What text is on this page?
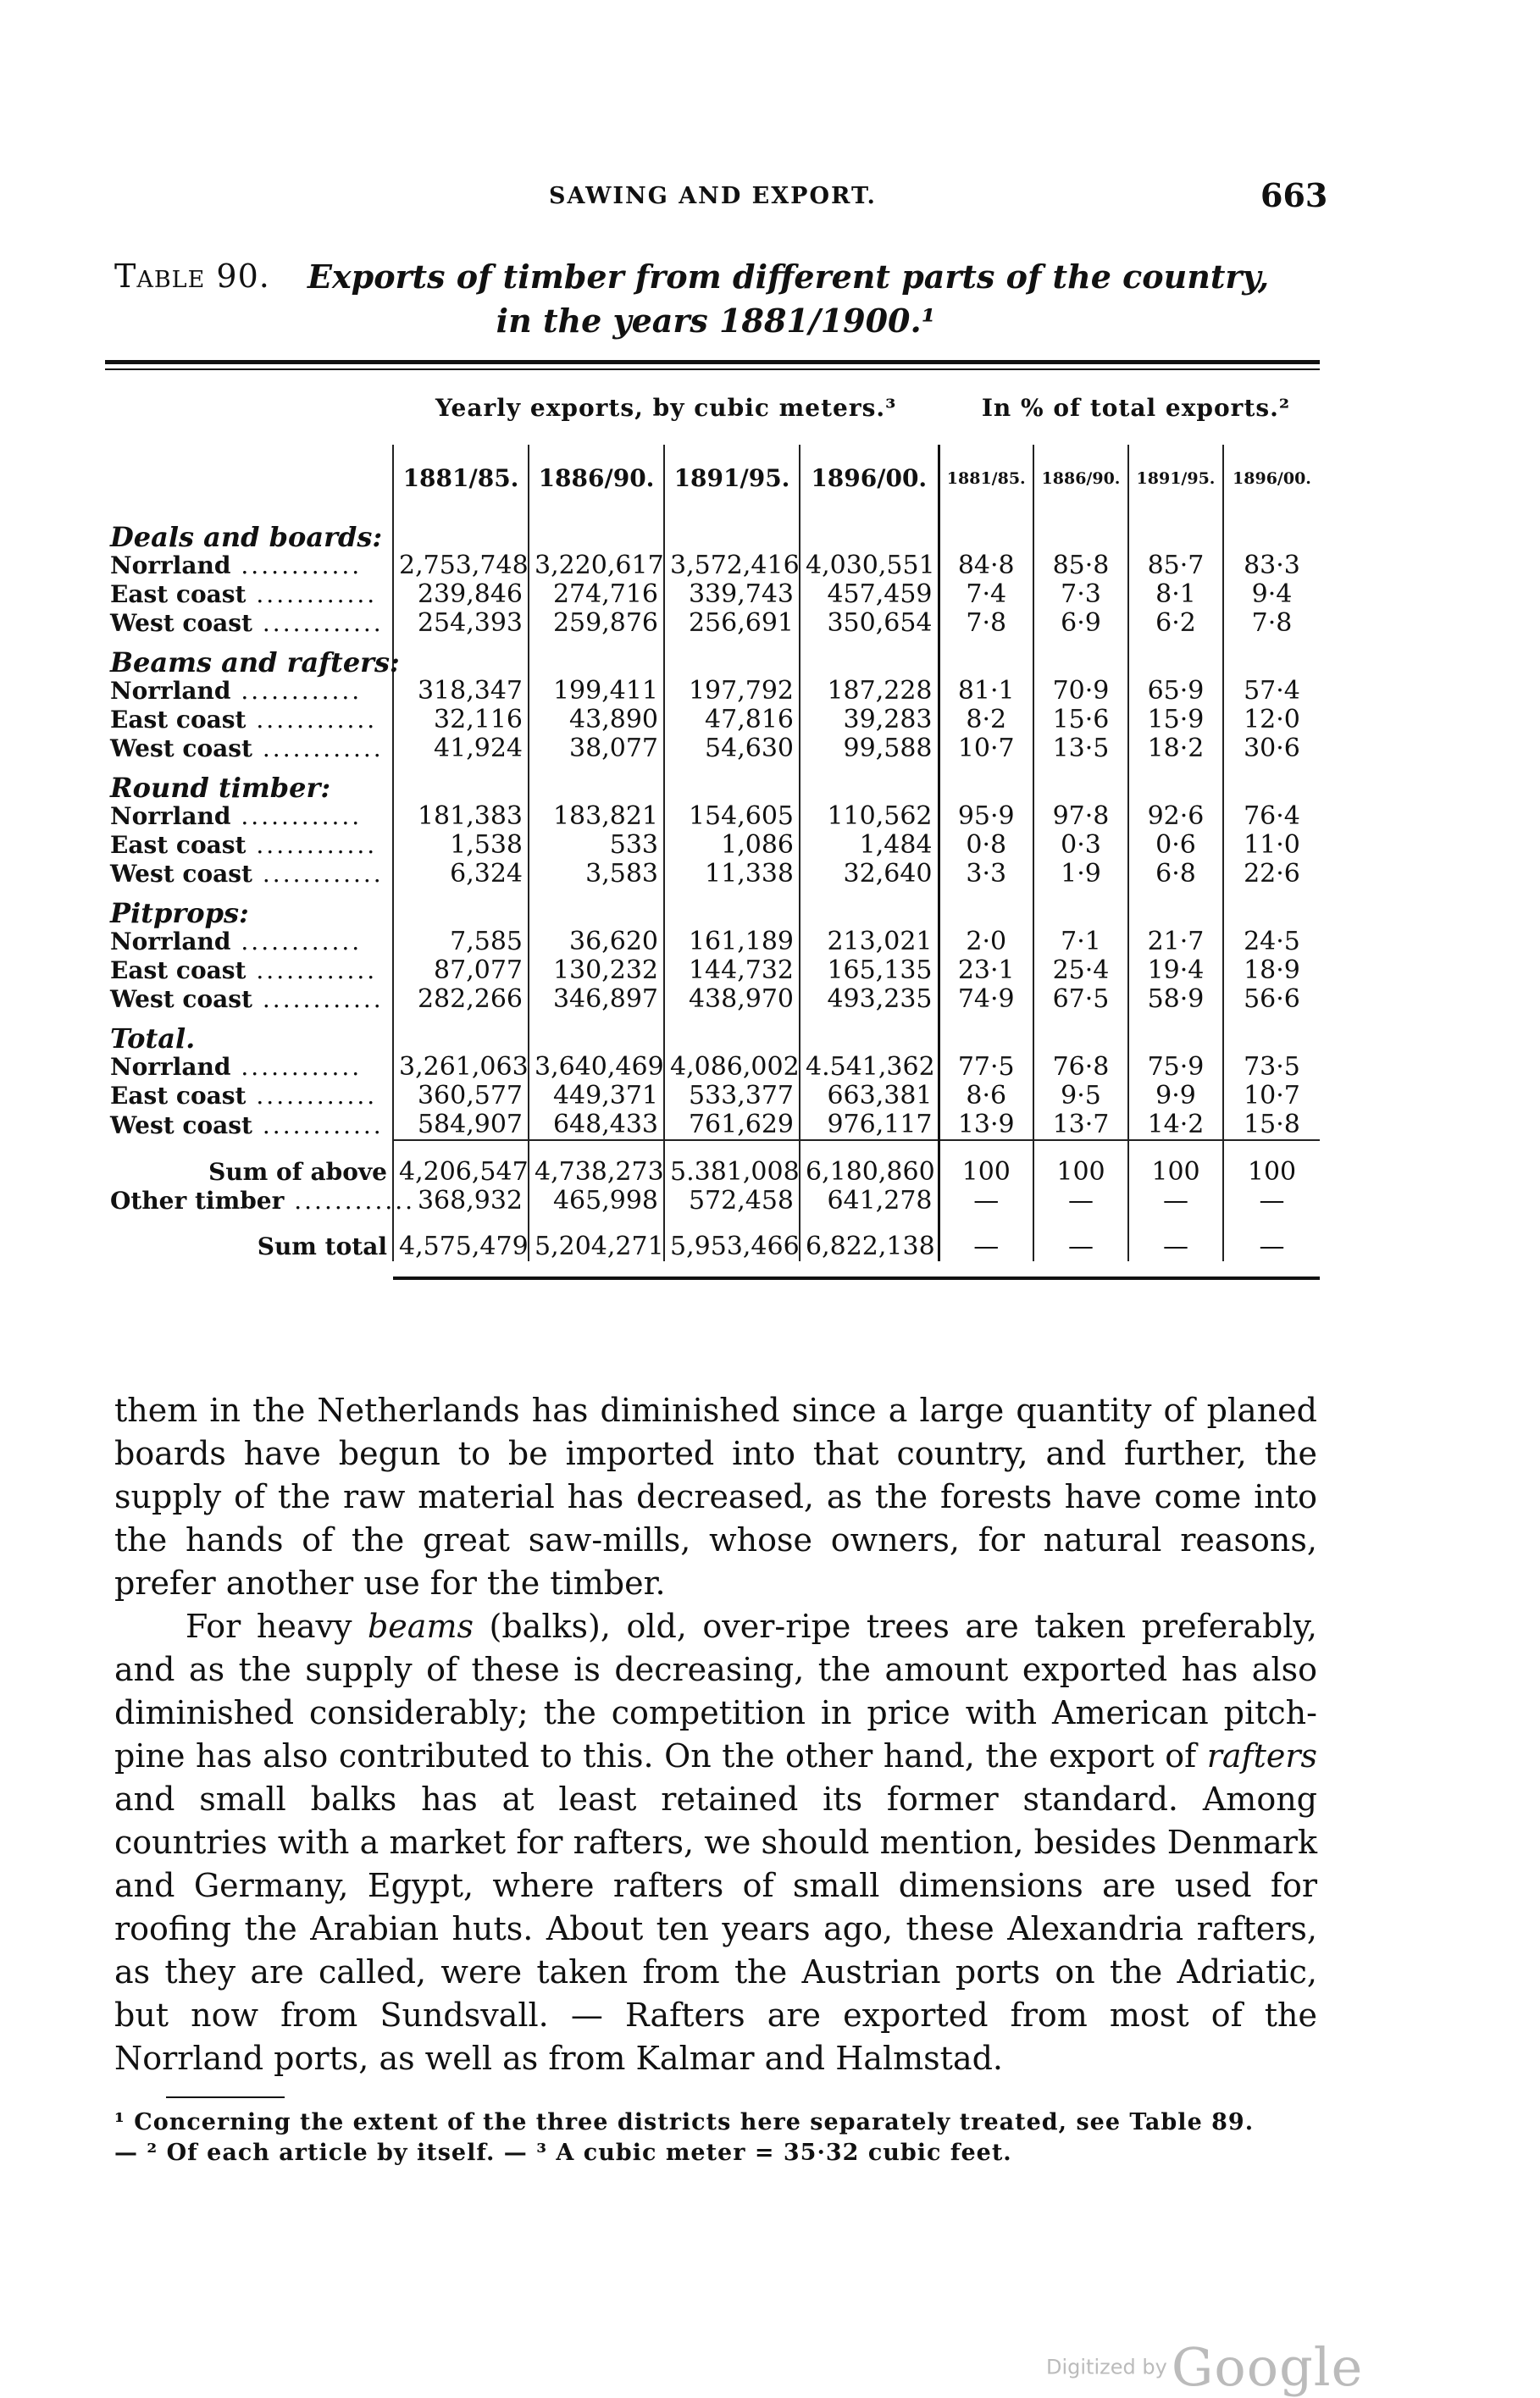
SAWING AND EXPORT.	663
Table 90. Exports of timber from different parts of the country,
in the years 1881/1900.¹
Yearly exports, by cubic meters.³	In % of total exports.²
	1881/85.	1886/90.	1891/95.	1896/00.	1881/85.	1886/90.	1891/95.	1896/00.
Deals and boards:								
Norrland ............	2,753,748	3,220,617	3,572,416	4,030,551	84·8	85·8	85·7	83·3
East coast ............	239,846	274,716	339,743	457,459	7·4	7·3	8·1	9·4
West coast ............	254,393	259,876	256,691	350,654	7·8	6·9	6·2	7·8
Beams and rafters:								
Norrland ............	318,347	199,411	197,792	187,228	81·1	70·9	65·9	57·4
East coast ............	32,116	43,890	47,816	39,283	8·2	15·6	15·9	12·0
West coast ............	41,924	38,077	54,630	99,588	10·7	13·5	18·2	30·6
Round timber:								
Norrland ............	181,383	183,821	154,605	110,562	95·9	97·8	92·6	76·4
East coast ............	1,538	533	1,086	1,484	0·8	0·3	0·6	11·0
West coast ............	6,324	3,583	11,338	32,640	3·3	1·9	6·8	22·6
Pitprops:								
Norrland ............	7,585	36,620	161,189	213,021	2·0	7·1	21·7	24·5
East coast ............	87,077	130,232	144,732	165,135	23·1	25·4	19·4	18·9
West coast ............	282,266	346,897	438,970	493,235	74·9	67·5	58·9	56·6
Total.								
Norrland ............	3,261,063	3,640,469	4,086,002	4.541,362	77·5	76·8	75·9	73·5
East coast ............	360,577	449,371	533,377	663,381	8·6	9·5	9·9	10·7
West coast ............	584,907	648,433	761,629	976,117	13·9	13·7	14·2	15·8

Sum of above	4,206,547	4,738,273	5.381,008	6,180,860	100	100	100	100
Other timber ............	368,932	465,998	572,458	641,278	—	—	—	—

Sum total	4,575,479	5,204,271	5,953,466	6,822,138	—	—	—	—

them in the Netherlands has diminished since a large quantity of planed boards have begun to be imported into that country, and further, the supply of the raw material has decreased, as the forests have come into the hands of the great saw-mills, whose owners, for natural reasons, prefer another use for the timber.

For heavy beams (balks), old, over-ripe trees are taken preferably, and as the supply of these is decreasing, the amount exported has also diminished considerably; the competition in price with American pitch-pine has also contributed to this. On the other hand, the export of rafters and small balks has at least retained its former standard. Among countries with a market for rafters, we should mention, besides Denmark and Germany, Egypt, where rafters of small dimensions are used for roofing the Arabian huts. About ten years ago, these Alexandria rafters, as they are called, were taken from the Austrian ports on the Adriatic, but now from Sundsvall. — Rafters are exported from most of the Norrland ports, as well as from Kalmar and Halmstad.

¹ Concerning the extent of the three districts here separately treated, see Table 89.

— ² Of each article by itself. — ³ A cubic meter = 35·32 cubic feet.

Digitized by Google
